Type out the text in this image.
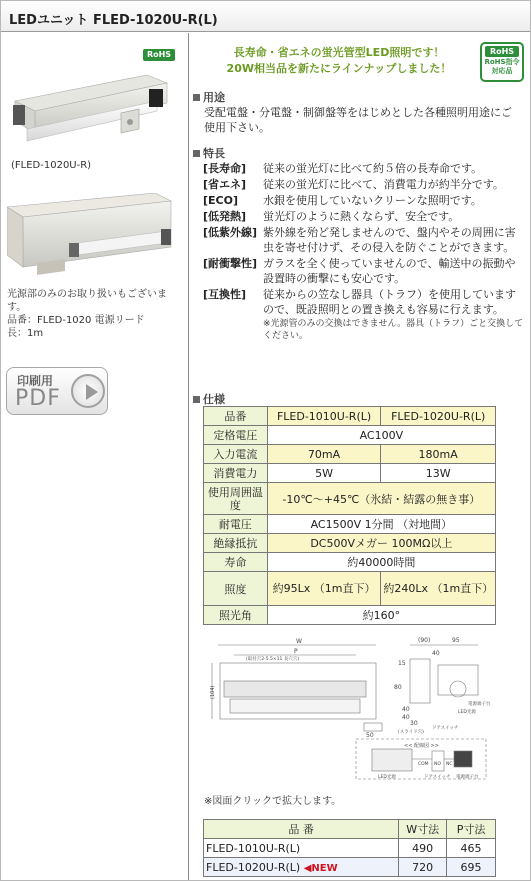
LEDユニット FLED-1020U-R(L)
RoHS
(FLED-1020U-R)
光源部のみのお取り扱いもございま
す。
品番：FLED-1020 電源リード
長：1m
印刷用
PDF
長寿命・省エネの蛍光管型LED照明です！
20W相当品を新たにラインナップしました！
RoHS
RoHS指令
対応品
用途
受配電盤・分電盤・制御盤等をはじめとした各種照明用途にご使用下さい。
特長
[長寿命] 従来の蛍光灯に比べて約５倍の長寿命です。
[省エネ] 従来の蛍光灯に比べて、消費電力が約半分です。
[ECO] 水銀を使用していないクリーンな照明です。
[低発熱] 蛍光灯のように熱くならず、安全です。
[低紫外線] 紫外線を殆ど発しませんので、盤内やその周囲に害虫を寄せ付けず、その侵入を防ぐことができます。
[耐衝撃性] ガラスを全く使っていませんので、輸送中の振動や設置時の衝撃にも安心です。
[互換性] 従来からの笠なし器具（トラフ）を使用していますので、既設照明との置き換えも容易に行えます。
※光源管のみの交換はできません。器具（トラフ）ごと交換してください。
仕様
品番	FLED-1010U-R(L)	FLED-1020U-R(L)
定格電圧	AC100V	
入力電流	70mA	180mA
消費電力	5W	13W
使用周囲温度	-10℃～+45℃（氷結・結露の無き事）	
耐電圧	AC1500V 1分間 （対地間）	
絶縁抵抗	DC500Vメガー 100MΩ以上	
寿命	約40000時間	
照度	約95Lx （1m直下）	約240Lx （1m直下）
照光角	約160°	
W
P
(取付穴2-5.5×11 長穴穴)
(104)
(90)	95
40
15
80
40
40
50
30
(スライド穴)
LED光源
ドアスイッチ
電源端子台
<< 配線図 >>
COM NO NC
LED光源	ドアスイッチ 電源端子台
※図面クリックで拡大します。
品 番	W寸法	P寸法
FLED-1010U-R(L)	490	465
FLED-1020U-R(L) ◀NEW	720	695
